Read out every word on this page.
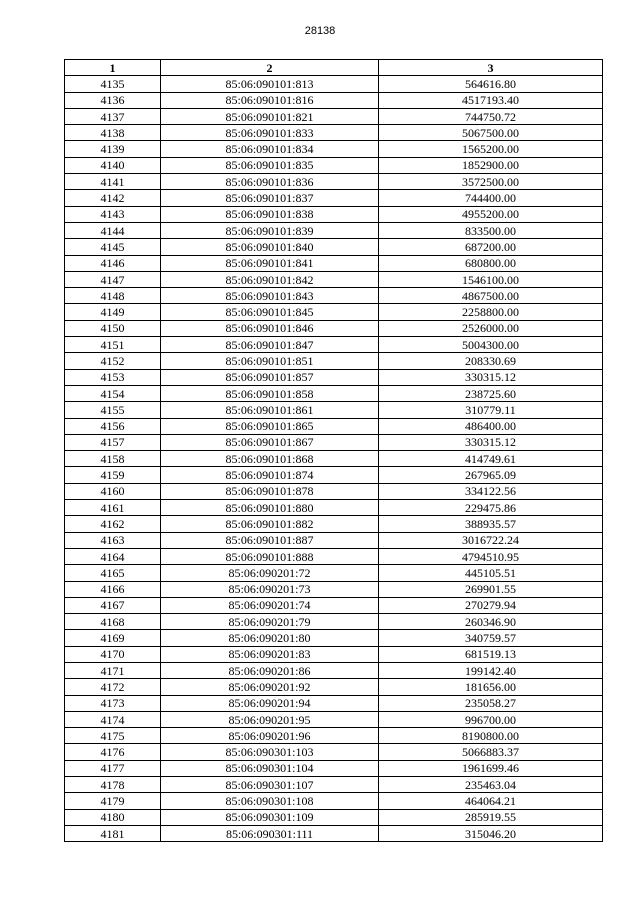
28138
1	2	3
4135	85:06:090101:813	564616.80
4136	85:06:090101:816	4517193.40
4137	85:06:090101:821	744750.72
4138	85:06:090101:833	5067500.00
4139	85:06:090101:834	1565200.00
4140	85:06:090101:835	1852900.00
4141	85:06:090101:836	3572500.00
4142	85:06:090101:837	744400.00
4143	85:06:090101:838	4955200.00
4144	85:06:090101:839	833500.00
4145	85:06:090101:840	687200.00
4146	85:06:090101:841	680800.00
4147	85:06:090101:842	1546100.00
4148	85:06:090101:843	4867500.00
4149	85:06:090101:845	2258800.00
4150	85:06:090101:846	2526000.00
4151	85:06:090101:847	5004300.00
4152	85:06:090101:851	208330.69
4153	85:06:090101:857	330315.12
4154	85:06:090101:858	238725.60
4155	85:06:090101:861	310779.11
4156	85:06:090101:865	486400.00
4157	85:06:090101:867	330315.12
4158	85:06:090101:868	414749.61
4159	85:06:090101:874	267965.09
4160	85:06:090101:878	334122.56
4161	85:06:090101:880	229475.86
4162	85:06:090101:882	388935.57
4163	85:06:090101:887	3016722.24
4164	85:06:090101:888	4794510.95
4165	85:06:090201:72	445105.51
4166	85:06:090201:73	269901.55
4167	85:06:090201:74	270279.94
4168	85:06:090201:79	260346.90
4169	85:06:090201:80	340759.57
4170	85:06:090201:83	681519.13
4171	85:06:090201:86	199142.40
4172	85:06:090201:92	181656.00
4173	85:06:090201:94	235058.27
4174	85:06:090201:95	996700.00
4175	85:06:090201:96	8190800.00
4176	85:06:090301:103	5066883.37
4177	85:06:090301:104	1961699.46
4178	85:06:090301:107	235463.04
4179	85:06:090301:108	464064.21
4180	85:06:090301:109	285919.55
4181	85:06:090301:111	315046.20
